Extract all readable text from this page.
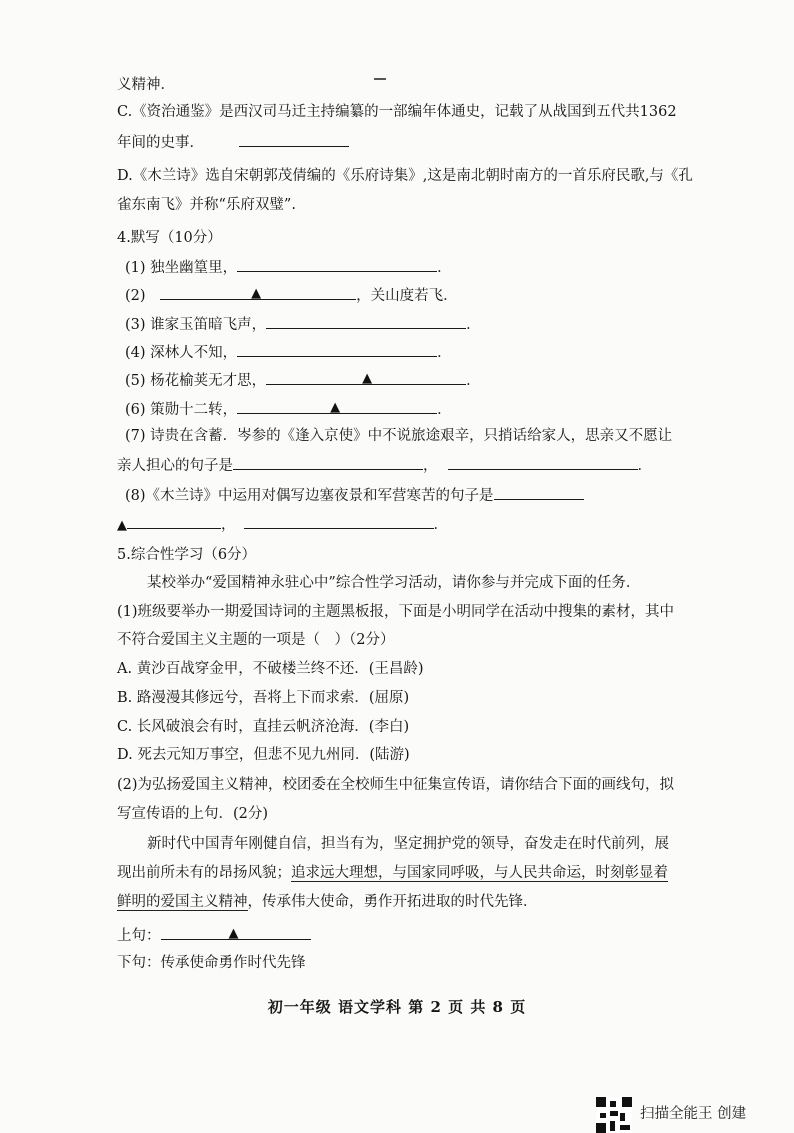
义精神．
C.《资治通鉴》是西汉司马迁主持编纂的一部编年体通史，记载了从战国到五代共1362
年间的史事．
D.《木兰诗》选自宋朝郭茂倩编的《乐府诗集》,这是南北朝时南方的一首乐府民歌,与《孔
雀东南飞》并称“乐府双璧”.
4.默写（10分）
(1) 独坐幽篁里，	．
(2)	▲	，关山度若飞．
(3) 谁家玉笛暗飞声，	．
(4) 深林人不知，	．
(5) 杨花榆荚无才思，	▲	．
(6) 策勋十二转，	▲	．
(7) 诗贵在含蓄．岑参的《逢入京使》中不说旅途艰辛，只捎话给家人，思亲又不愿让
亲人担心的句子是	，	．
(8)《木兰诗》中运用对偶写边塞夜景和军营寒苦的句子是
▲	，	．
5.综合性学习（6分）
某校举办“爱国精神永驻心中”综合性学习活动，请你参与并完成下面的任务．
(1)班级要举办一期爱国诗词的主题黑板报，下面是小明同学在活动中搜集的素材，其中
不符合爱国主义主题的一项是（　）（2分）
A. 黄沙百战穿金甲，不破楼兰终不还．(王昌龄)
B. 路漫漫其修远兮，吾将上下而求索．(屈原)
C. 长风破浪会有时，直挂云帆济沧海．(李白)
D. 死去元知万事空，但悲不见九州同．(陆游)
(2)为弘扬爱国主义精神，校团委在全校师生中征集宣传语，请你结合下面的画线句，拟
写宣传语的上句．(2分)
新时代中国青年刚健自信，担当有为，坚定拥护党的领导，奋发走在时代前列，展
现出前所未有的昂扬风貌；追求远大理想，与国家同呼吸，与人民共命运，时刻彰显着
鲜明的爱国主义精神，传承伟大使命，勇作开拓进取的时代先锋．
上句：	▲
下句：传承使命勇作时代先锋
初一年级 语文学科 第 2 页 共 8 页
扫描全能王 创建
